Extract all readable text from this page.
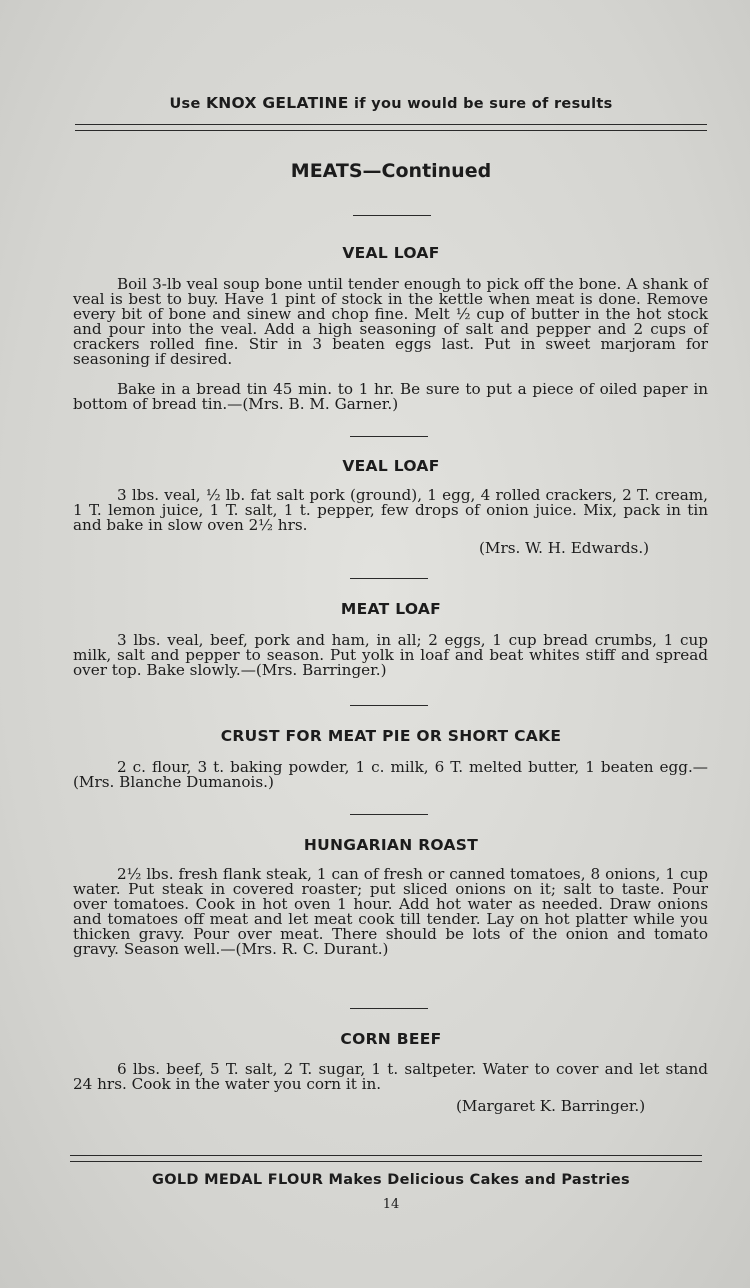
Use KNOX GELATINE if you would be sure of results
MEATS—Continued
VEAL LOAF
Boil 3-lb veal soup bone until tender enough to pick off the bone. A shank of veal is best to buy. Have 1 pint of stock in the kettle when meat is done. Remove every bit of bone and sinew and chop fine. Melt ½ cup of butter in the hot stock and pour into the veal. Add a high seasoning of salt and pepper and 2 cups of crackers rolled fine. Stir in 3 beaten eggs last. Put in sweet marjoram for seasoning if desired.
Bake in a bread tin 45 min. to 1 hr. Be sure to put a piece of oiled paper in bottom of bread tin.—(Mrs. B. M. Garner.)
VEAL LOAF
3 lbs. veal, ½ lb. fat salt pork (ground), 1 egg, 4 rolled crackers, 2 T. cream, 1 T. lemon juice, 1 T. salt, 1 t. pepper, few drops of onion juice. Mix, pack in tin and bake in slow oven 2½ hrs.
(Mrs. W. H. Edwards.)
MEAT LOAF
3 lbs. veal, beef, pork and ham, in all; 2 eggs, 1 cup bread crumbs, 1 cup milk, salt and pepper to season. Put yolk in loaf and beat whites stiff and spread over top. Bake slowly.—(Mrs. Barringer.)
CRUST FOR MEAT PIE OR SHORT CAKE
2 c. flour, 3 t. baking powder, 1 c. milk, 6 T. melted butter, 1 beaten egg.—(Mrs. Blanche Dumanois.)
HUNGARIAN ROAST
2½ lbs. fresh flank steak, 1 can of fresh or canned tomatoes, 8 onions, 1 cup water. Put steak in covered roaster; put sliced onions on it; salt to taste. Pour over tomatoes. Cook in hot oven 1 hour. Add hot water as needed. Draw onions and tomatoes off meat and let meat cook till tender. Lay on hot platter while you thicken gravy. Pour over meat. There should be lots of the onion and tomato gravy. Season well.—(Mrs. R. C. Durant.)
CORN BEEF
6 lbs. beef, 5 T. salt, 2 T. sugar, 1 t. saltpeter. Water to cover and let stand 24 hrs. Cook in the water you corn it in.
(Margaret K. Barringer.)
GOLD MEDAL FLOUR Makes Delicious Cakes and Pastries
14
